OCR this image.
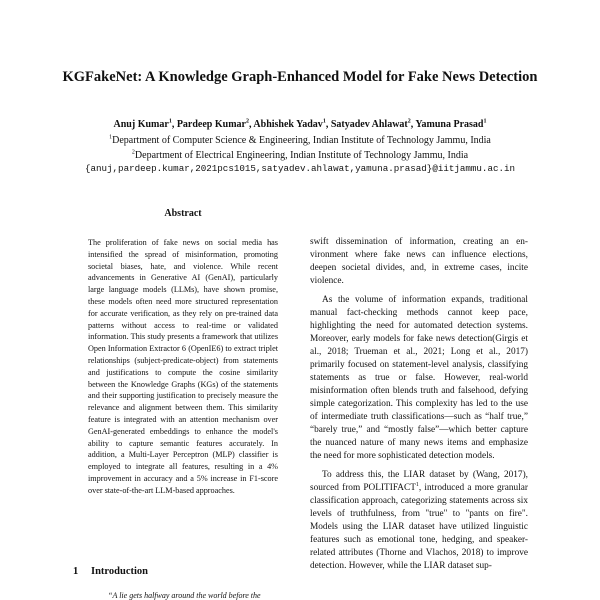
KGFakeNet: A Knowledge Graph-Enhanced Model for Fake News Detection
Anuj Kumar$^1$, Pardeep Kumar$^2$, Abhishek Yadav$^1$, Satyadev Ahlawat$^2$, Yamuna Prasad$^1$
$^1$Department of Computer Science & Engineering, Indian Institute of Technology Jammu, India
$^2$Department of Electrical Engineering, Indian Institute of Technology Jammu, India
{anuj,pardeep.kumar,2021pcs1015,satyadev.ahlawat,yamuna.prasad}@iitjammu.ac.in
Abstract
The proliferation of fake news on social media has intensified the spread of misinformation, promoting societal biases, hate, and violence. While recent advancements in Generative AI (GenAI), particularly large language models (LLMs), have shown promise, these models often need more structured representation for accurate verification, as they rely on pre-trained data patterns without access to real-time or validated information. This study presents a framework that utilizes Open Information Extractor 6 (OpenIE6) to extract triplet relationships (subject-predicate-object) from statements and justifications to compute the cosine similarity between the Knowledge Graphs (KGs) of the statements and their supporting justification to precisely measure the relevance and alignment between them. This similarity feature is integrated with an attention mechanism over GenAI-generated embeddings to enhance the model's ability to capture semantic features accurately. In addition, a Multi-Layer Perceptron (MLP) classifier is employed to integrate all features, resulting in a 4% improvement in accuracy and a 5% increase in F1-score over state-of-the-art LLM-based approaches.
1 Introduction
“A lie gets halfway around the world before the

swift dissemination of information, creating an environment where fake news can influence elections, deepen societal divides, and, in extreme cases, incite violence.

As the volume of information expands, traditional manual fact-checking methods cannot keep pace, highlighting the need for automated detection systems. Moreover, early models for fake news detection(Girgis et al., 2018; Trueman et al., 2021; Long et al., 2017) primarily focused on statement-level analysis, classifying statements as true or false. However, real-world misinformation often blends truth and falsehood, defying simple categorization. This complexity has led to the use of intermediate truth classifications—such as “half true,” “barely true,” and “mostly false”—which better capture the nuanced nature of many news items and emphasize the need for more sophisticated detection models.

To address this, the LIAR dataset by (Wang, 2017), sourced from POLITIFACT$^1$, introduced a more granular classification approach, categorizing statements across six levels of truthfulness, from "true" to "pants on fire". Models using the LIAR dataset have utilized linguistic features such as emotional tone, hedging, and speaker-related attributes (Thorne and Vlachos, 2018) to improve detection. However, while the LIAR dataset sup-
